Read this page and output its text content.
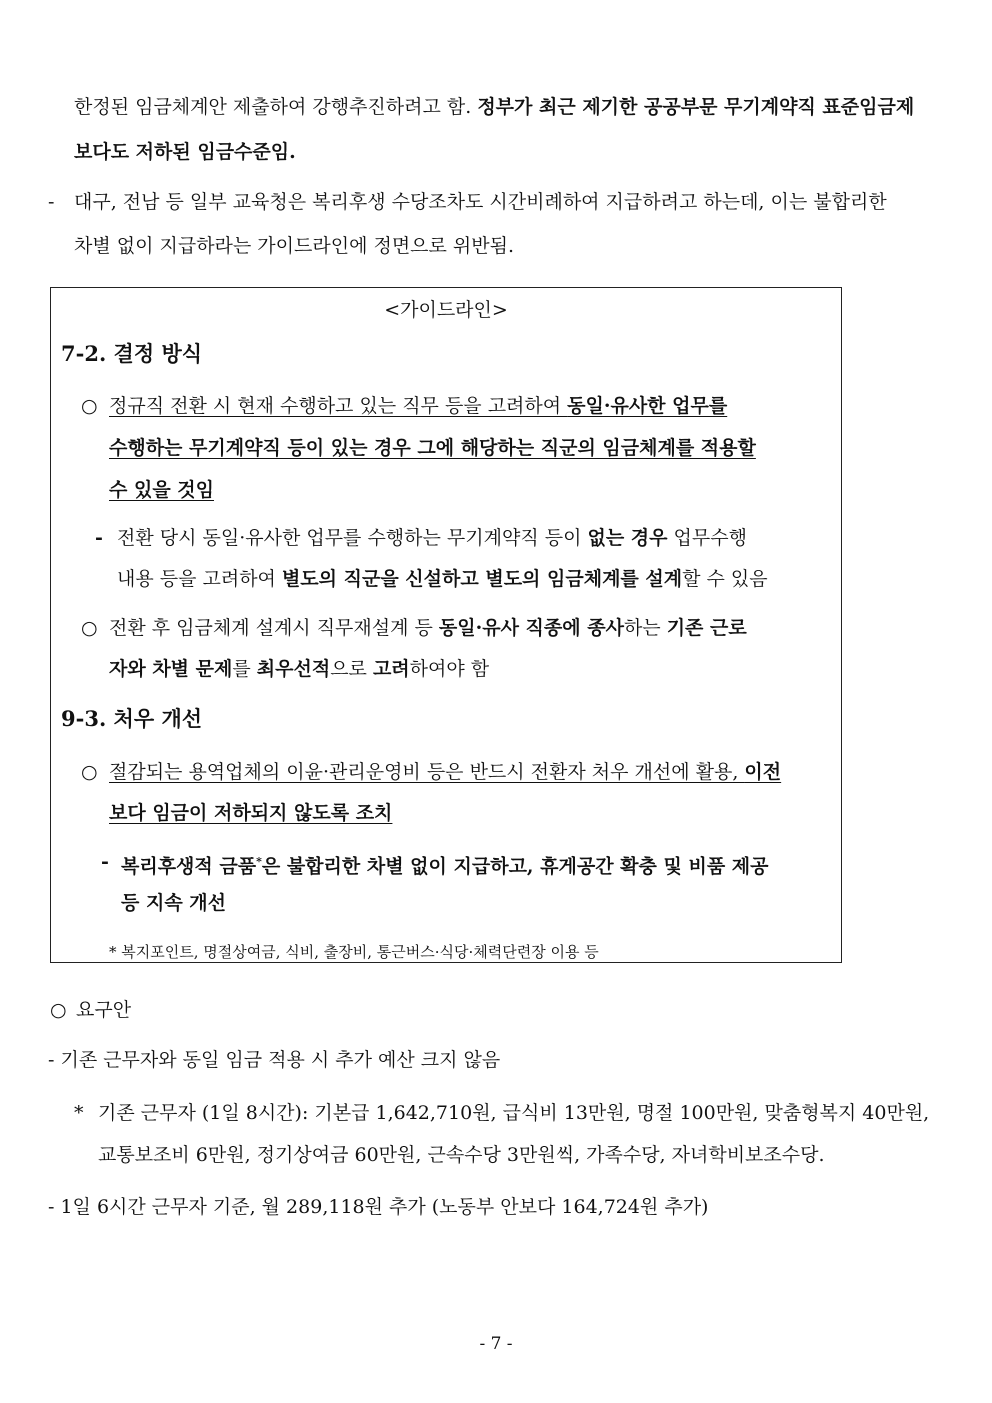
한정된 임금체계안 제출하여 강행추진하려고 함. 정부가 최근 제기한 공공부문 무기계약직 표준임금제
보다도 저하된 임금수준임.
- 대구, 전남 등 일부 교육청은 복리후생 수당조차도 시간비례하여 지급하려고 하는데, 이는 불합리한
차별 없이 지급하라는 가이드라인에 정면으로 위반됨.
<가이드라인>
7-2. 결정 방식
○ 정규직 전환 시 현재 수행하고 있는 직무 등을 고려하여 동일·유사한 업무를
수행하는 무기계약직 등이 있는 경우 그에 해당하는 직군의 임금체계를 적용할
수 있을 것임
- 전환 당시 동일·유사한 업무를 수행하는 무기계약직 등이 없는 경우 업무수행
내용 등을 고려하여 별도의 직군을 신설하고 별도의 임금체계를 설계할 수 있음
○ 전환 후 임금체계 설계시 직무재설계 등 동일·유사 직종에 종사하는 기존 근로
자와 차별 문제를 최우선적으로 고려하여야 함
9-3. 처우 개선
○ 절감되는 용역업체의 이윤·관리운영비 등은 반드시 전환자 처우 개선에 활용, 이전
보다 임금이 저하되지 않도록 조치
- 복리후생적 금품*은 불합리한 차별 없이 지급하고, 휴게공간 확충 및 비품 제공
등 지속 개선
* 복지포인트, 명절상여금, 식비, 출장비, 통근버스·식당·체력단련장 이용 등
○ 요구안
- 기존 근무자와 동일 임금 적용 시 추가 예산 크지 않음
* 기존 근무자 (1일 8시간): 기본급 1,642,710원, 급식비 13만원, 명절 100만원, 맞춤형복지 40만원,
교통보조비 6만원, 정기상여금 60만원, 근속수당 3만원씩, 가족수당, 자녀학비보조수당.
- 1일 6시간 근무자 기준, 월 289,118원 추가 (노동부 안보다 164,724원 추가)
- 7 -
